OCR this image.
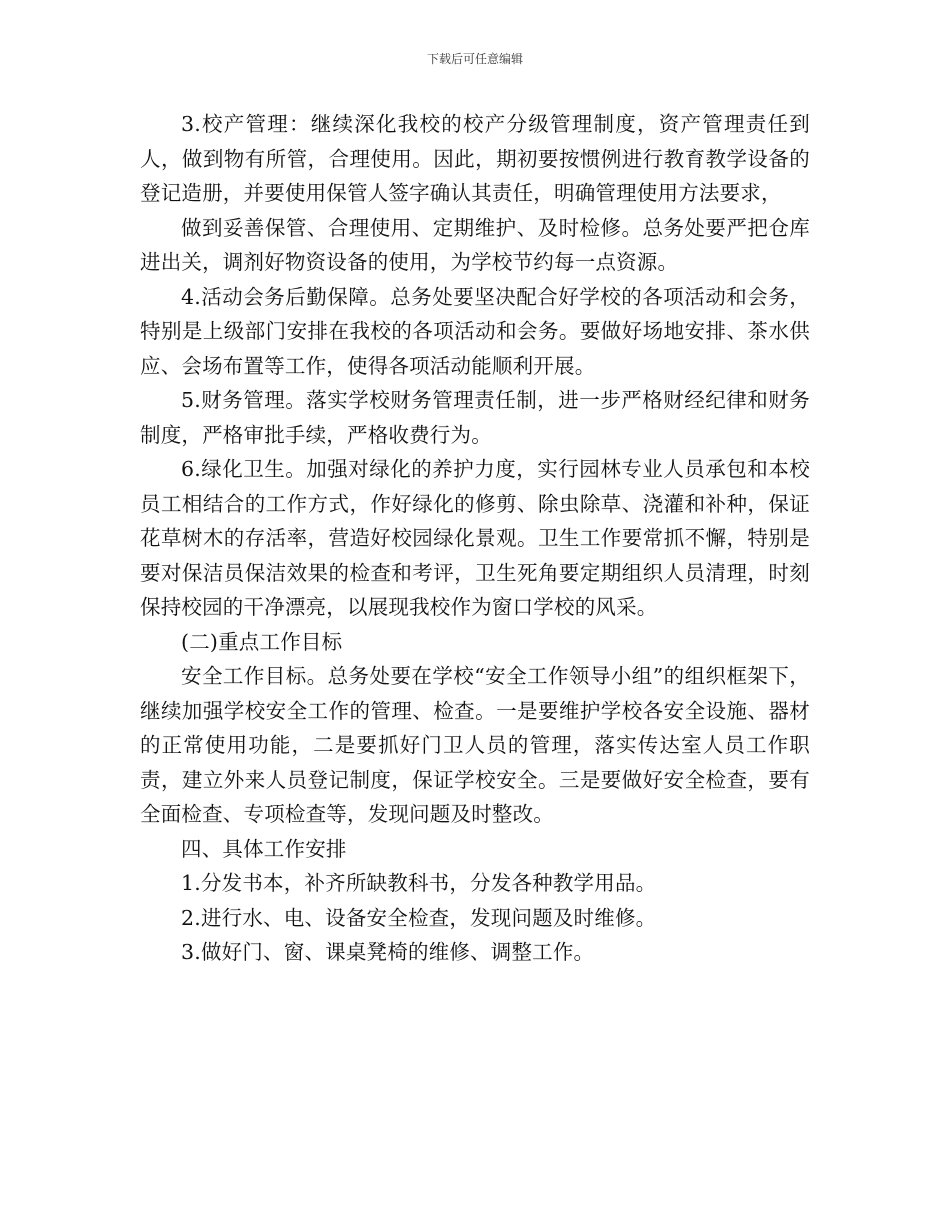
下载后可任意编辑

3.校产管理：继续深化我校的校产分级管理制度，资产管理责任到人，做到物有所管，合理使用。因此，期初要按惯例进行教育教学设备的登记造册，并要使用保管人签字确认其责任，明确管理使用方法要求，

做到妥善保管、合理使用、定期维护、及时检修。总务处要严把仓库进出关，调剂好物资设备的使用，为学校节约每一点资源。

4.活动会务后勤保障。总务处要坚决配合好学校的各项活动和会务，特别是上级部门安排在我校的各项活动和会务。要做好场地安排、茶水供应、会场布置等工作，使得各项活动能顺利开展。

5.财务管理。落实学校财务管理责任制，进一步严格财经纪律和财务制度，严格审批手续，严格收费行为。

6.绿化卫生。加强对绿化的养护力度，实行园林专业人员承包和本校员工相结合的工作方式，作好绿化的修剪、除虫除草、浇灌和补种，保证花草树木的存活率，营造好校园绿化景观。卫生工作要常抓不懈，特别是要对保洁员保洁效果的检查和考评，卫生死角要定期组织人员清理，时刻保持校园的干净漂亮，以展现我校作为窗口学校的风采。

(二)重点工作目标

安全工作目标。总务处要在学校“安全工作领导小组”的组织框架下，继续加强学校安全工作的管理、检查。一是要维护学校各安全设施、器材的正常使用功能，二是要抓好门卫人员的管理，落实传达室人员工作职责，建立外来人员登记制度，保证学校安全。三是要做好安全检查，要有全面检查、专项检查等，发现问题及时整改。

四、具体工作安排

1.分发书本，补齐所缺教科书，分发各种教学用品。

2.进行水、电、设备安全检查，发现问题及时维修。

3.做好门、窗、课桌凳椅的维修、调整工作。
